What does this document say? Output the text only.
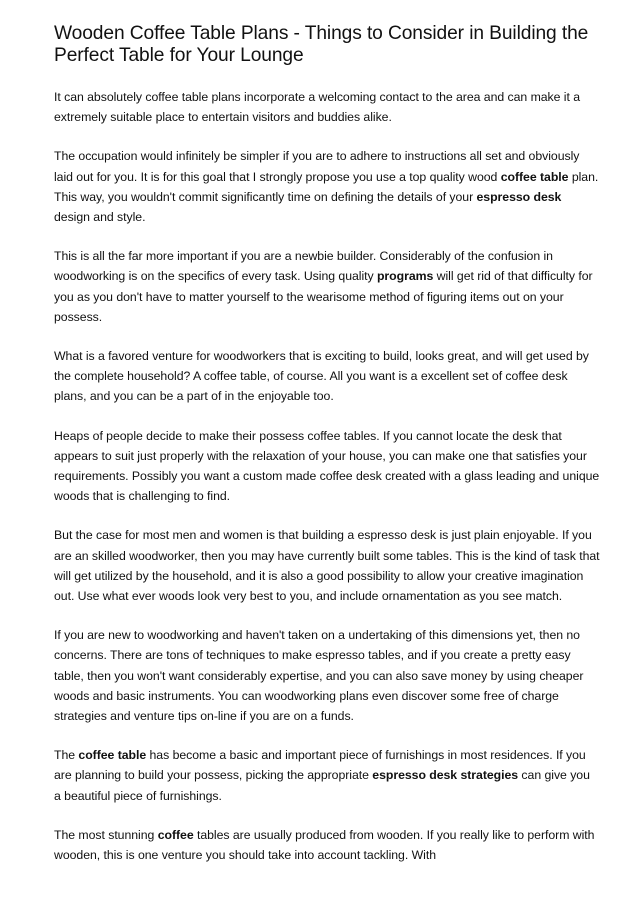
Wooden Coffee Table Plans - Things to Consider in Building the Perfect Table for Your Lounge

It can absolutely coffee table plans incorporate a welcoming contact to the area and can make it a extremely suitable place to entertain visitors and buddies alike.

The occupation would infinitely be simpler if you are to adhere to instructions all set and obviously laid out for you. It is for this goal that I strongly propose you use a top quality wood coffee table plan. This way, you wouldn't commit significantly time on defining the details of your espresso desk design and style.

This is all the far more important if you are a newbie builder. Considerably of the confusion in woodworking is on the specifics of every task. Using quality programs will get rid of that difficulty for you as you don't have to matter yourself to the wearisome method of figuring items out on your possess.

What is a favored venture for woodworkers that is exciting to build, looks great, and will get used by the complete household? A coffee table, of course. All you want is a excellent set of coffee desk plans, and you can be a part of in the enjoyable too.

Heaps of people decide to make their possess coffee tables. If you cannot locate the desk that appears to suit just properly with the relaxation of your house, you can make one that satisfies your requirements. Possibly you want a custom made coffee desk created with a glass leading and unique woods that is challenging to find.

But the case for most men and women is that building a espresso desk is just plain enjoyable. If you are an skilled woodworker, then you may have currently built some tables. This is the kind of task that will get utilized by the household, and it is also a good possibility to allow your creative imagination out. Use what ever woods look very best to you, and include ornamentation as you see match.

If you are new to woodworking and haven't taken on a undertaking of this dimensions yet, then no concerns. There are tons of techniques to make espresso tables, and if you create a pretty easy table, then you won't want considerably expertise, and you can also save money by using cheaper woods and basic instruments. You can woodworking plans even discover some free of charge strategies and venture tips on-line if you are on a funds.

The coffee table has become a basic and important piece of furnishings in most residences. If you are planning to build your possess, picking the appropriate espresso desk strategies can give you a beautiful piece of furnishings.

The most stunning coffee tables are usually produced from wooden. If you really like to perform with wooden, this is one venture you should take into account tackling. With
